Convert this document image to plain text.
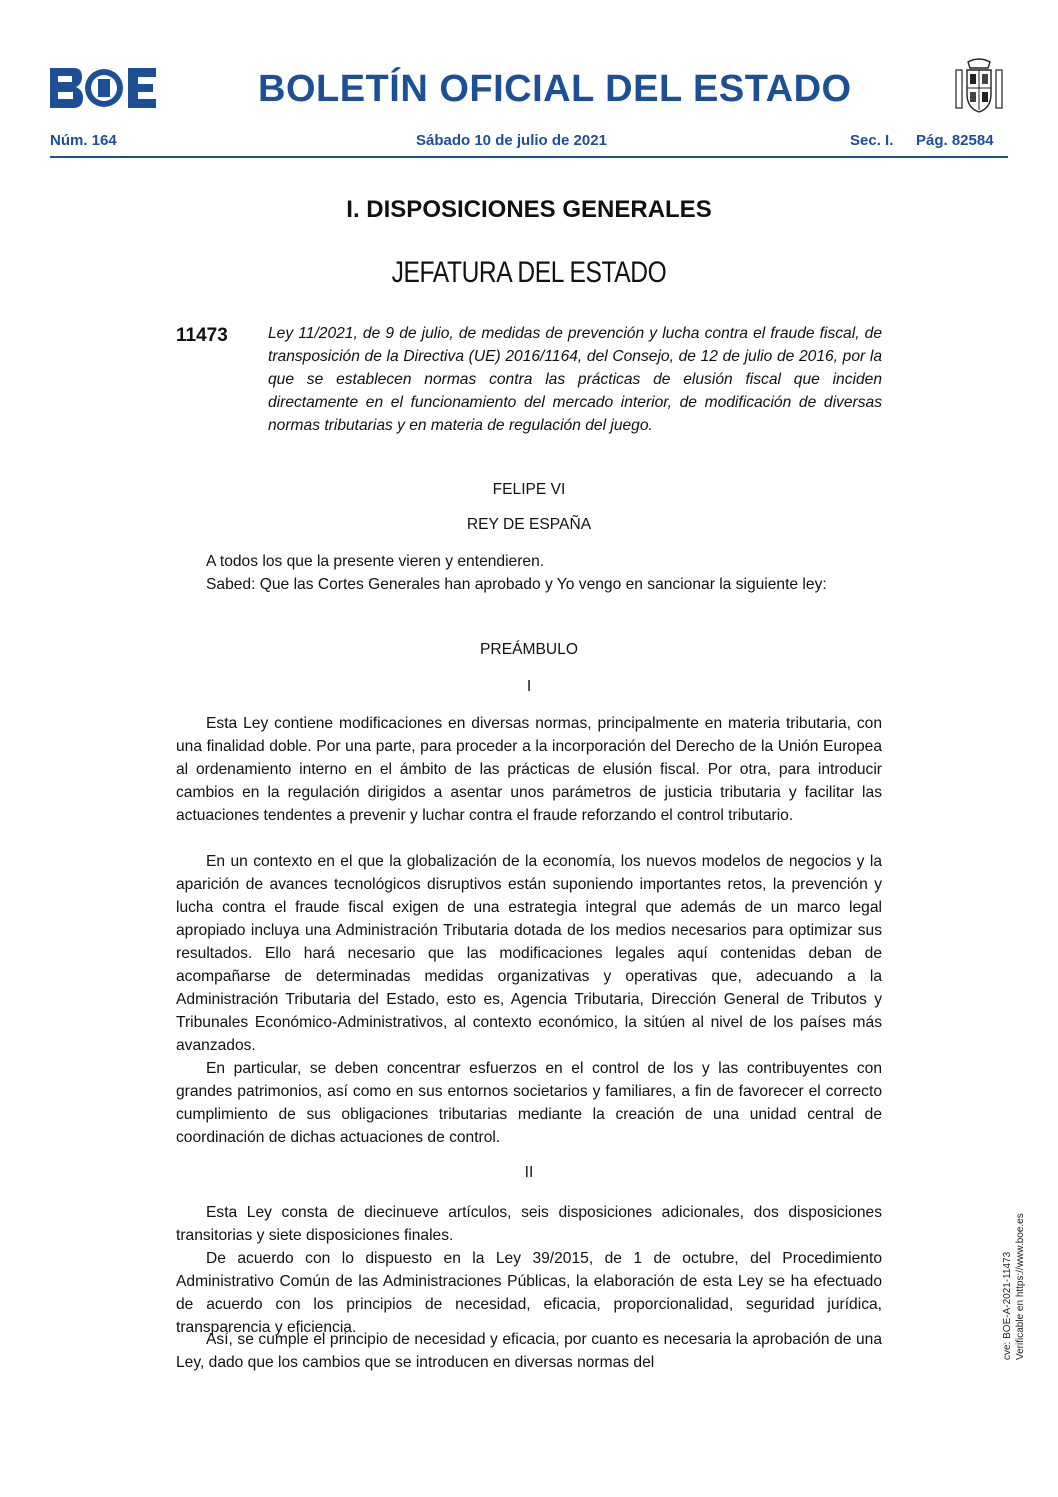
BOLETÍN OFICIAL DEL ESTADO
Núm. 164	Sábado 10 de julio de 2021	Sec. I. Pág. 82584
I. DISPOSICIONES GENERALES
JEFATURA DEL ESTADO
11473	Ley 11/2021, de 9 de julio, de medidas de prevención y lucha contra el fraude fiscal, de transposición de la Directiva (UE) 2016/1164, del Consejo, de 12 de julio de 2016, por la que se establecen normas contra las prácticas de elusión fiscal que inciden directamente en el funcionamiento del mercado interior, de modificación de diversas normas tributarias y en materia de regulación del juego.
FELIPE VI
REY DE ESPAÑA

A todos los que la presente vieren y entendieren.

Sabed: Que las Cortes Generales han aprobado y Yo vengo en sancionar la siguiente ley:

PREÁMBULO
I

Esta Ley contiene modificaciones en diversas normas, principalmente en materia tributaria, con una finalidad doble. Por una parte, para proceder a la incorporación del Derecho de la Unión Europea al ordenamiento interno en el ámbito de las prácticas de elusión fiscal. Por otra, para introducir cambios en la regulación dirigidos a asentar unos parámetros de justicia tributaria y facilitar las actuaciones tendentes a prevenir y luchar contra el fraude reforzando el control tributario.

En un contexto en el que la globalización de la economía, los nuevos modelos de negocios y la aparición de avances tecnológicos disruptivos están suponiendo importantes retos, la prevención y lucha contra el fraude fiscal exigen de una estrategia integral que además de un marco legal apropiado incluya una Administración Tributaria dotada de los medios necesarios para optimizar sus resultados. Ello hará necesario que las modificaciones legales aquí contenidas deban de acompañarse de determinadas medidas organizativas y operativas que, adecuando a la Administración Tributaria del Estado, esto es, Agencia Tributaria, Dirección General de Tributos y Tribunales Económico-Administrativos, al contexto económico, la sitúen al nivel de los países más avanzados.

En particular, se deben concentrar esfuerzos en el control de los y las contribuyentes con grandes patrimonios, así como en sus entornos societarios y familiares, a fin de favorecer el correcto cumplimiento de sus obligaciones tributarias mediante la creación de una unidad central de coordinación de dichas actuaciones de control.

II

Esta Ley consta de diecinueve artículos, seis disposiciones adicionales, dos disposiciones transitorias y siete disposiciones finales.

De acuerdo con lo dispuesto en la Ley 39/2015, de 1 de octubre, del Procedimiento Administrativo Común de las Administraciones Públicas, la elaboración de esta Ley se ha efectuado de acuerdo con los principios de necesidad, eficacia, proporcionalidad, seguridad jurídica, transparencia y eficiencia.

Así, se cumple el principio de necesidad y eficacia, por cuanto es necesaria la aprobación de una Ley, dado que los cambios que se introducen en diversas normas del

cve: BOE-A-2021-11473 Verificable en https://www.boe.es
